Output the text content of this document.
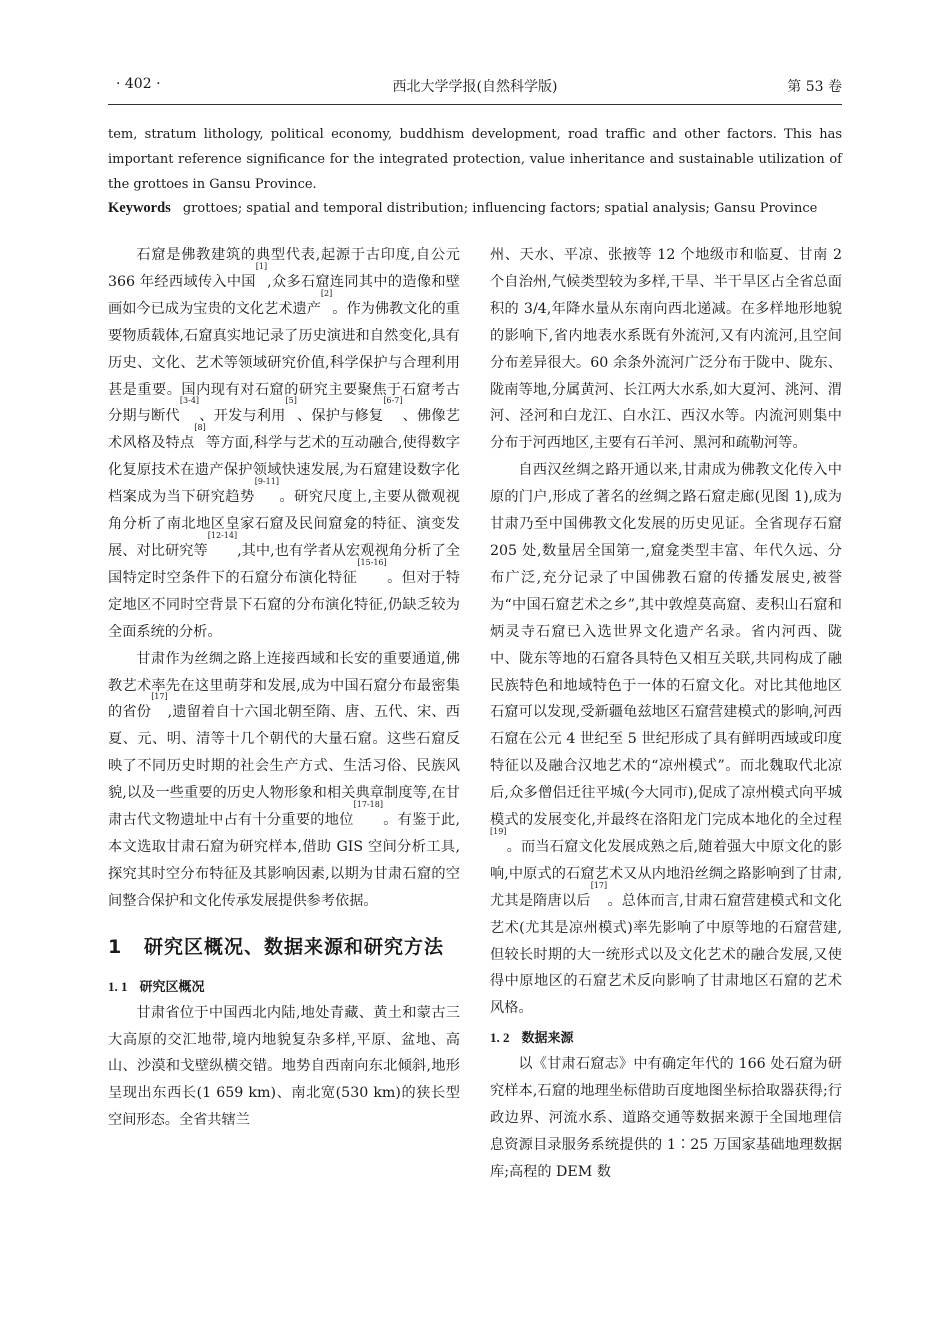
· 402 ·	西北大学学报(自然科学版)	第 53 卷
tem, stratum lithology, political economy, buddhism development, road traffic and other factors. This has important reference significance for the integrated protection, value inheritance and sustainable utilization of the grottoes in Gansu Province.
Keywords grottoes; spatial and temporal distribution; influencing factors; spatial analysis; Gansu Province

石窟是佛教建筑的典型代表,起源于古印度,自公元 366 年经西域传入中国[1],众多石窟连同其中的造像和壁画如今已成为宝贵的文化艺术遗产[2]。作为佛教文化的重要物质载体,石窟真实地记录了历史演进和自然变化,具有历史、文化、艺术等领域研究价值,科学保护与合理利用甚是重要。国内现有对石窟的研究主要聚焦于石窟考古分期与断代[3-4]、开发与利用[5]、保护与修复[6-7]、佛像艺术风格及特点[8]等方面,科学与艺术的互动融合,使得数字化复原技术在遗产保护领域快速发展,为石窟建设数字化档案成为当下研究趋势[9-11]。研究尺度上,主要从微观视角分析了南北地区皇家石窟及民间窟龛的特征、演变发展、对比研究等[12-14],其中,也有学者从宏观视角分析了全国特定时空条件下的石窟分布演化特征[15-16]。但对于特定地区不同时空背景下石窟的分布演化特征,仍缺乏较为全面系统的分析。

甘肃作为丝绸之路上连接西域和长安的重要通道,佛教艺术率先在这里萌芽和发展,成为中国石窟分布最密集的省份[17],遗留着自十六国北朝至隋、唐、五代、宋、西夏、元、明、清等十几个朝代的大量石窟。这些石窟反映了不同历史时期的社会生产方式、生活习俗、民族风貌,以及一些重要的历史人物形象和相关典章制度等,在甘肃古代文物遗址中占有十分重要的地位[17-18]。有鉴于此,本文选取甘肃石窟为研究样本,借助 GIS 空间分析工具,探究其时空分布特征及其影响因素,以期为甘肃石窟的空间整合保护和文化传承发展提供参考依据。

1	研究区概况、数据来源和研究方法
1. 1 研究区概况

甘肃省位于中国西北内陆,地处青藏、黄土和蒙古三大高原的交汇地带,境内地貌复杂多样,平原、盆地、高山、沙漠和戈壁纵横交错。地势自西南向东北倾斜,地形呈现出东西长(1 659 km)、南北宽(530 km)的狭长型空间形态。全省共辖兰

州、天水、平凉、张掖等 12 个地级市和临夏、甘南 2 个自治州,气候类型较为多样,干旱、半干旱区占全省总面积的 3/4,年降水量从东南向西北递减。在多样地形地貌的影响下,省内地表水系既有外流河,又有内流河,且空间分布差异很大。60 余条外流河广泛分布于陇中、陇东、陇南等地,分属黄河、长江两大水系,如大夏河、洮河、渭河、泾河和白龙江、白水江、西汉水等。内流河则集中分布于河西地区,主要有石羊河、黑河和疏勒河等。

自西汉丝绸之路开通以来,甘肃成为佛教文化传入中原的门户,形成了著名的丝绸之路石窟走廊(见图 1),成为甘肃乃至中国佛教文化发展的历史见证。全省现存石窟 205 处,数量居全国第一,窟龛类型丰富、年代久远、分布广泛,充分记录了中国佛教石窟的传播发展史,被誉为“中国石窟艺术之乡”,其中敦煌莫高窟、麦积山石窟和炳灵寺石窟已入选世界文化遗产名录。省内河西、陇中、陇东等地的石窟各具特色又相互关联,共同构成了融民族特色和地域特色于一体的石窟文化。对比其他地区石窟可以发现,受新疆龟兹地区石窟营建模式的影响,河西石窟在公元 4 世纪至 5 世纪形成了具有鲜明西域或印度特征以及融合汉地艺术的“凉州模式”。而北魏取代北凉后,众多僧侣迁往平城(今大同市),促成了凉州模式向平城模式的发展变化,并最终在洛阳龙门完成本地化的全过程[19]。而当石窟文化发展成熟之后,随着强大中原文化的影响,中原式的石窟艺术又从内地沿丝绸之路影响到了甘肃,尤其是隋唐以后[17]。总体而言,甘肃石窟营建模式和文化艺术(尤其是凉州模式)率先影响了中原等地的石窟营建,但较长时期的大一统形式以及文化艺术的融合发展,又使得中原地区的石窟艺术反向影响了甘肃地区石窟的艺术风格。

1. 2 数据来源

以《甘肃石窟志》中有确定年代的 166 处石窟为研究样本,石窟的地理坐标借助百度地图坐标拾取器获得;行政边界、河流水系、道路交通等数据来源于全国地理信息资源目录服务系统提供的 1∶25 万国家基础地理数据库;高程的 DEM 数
